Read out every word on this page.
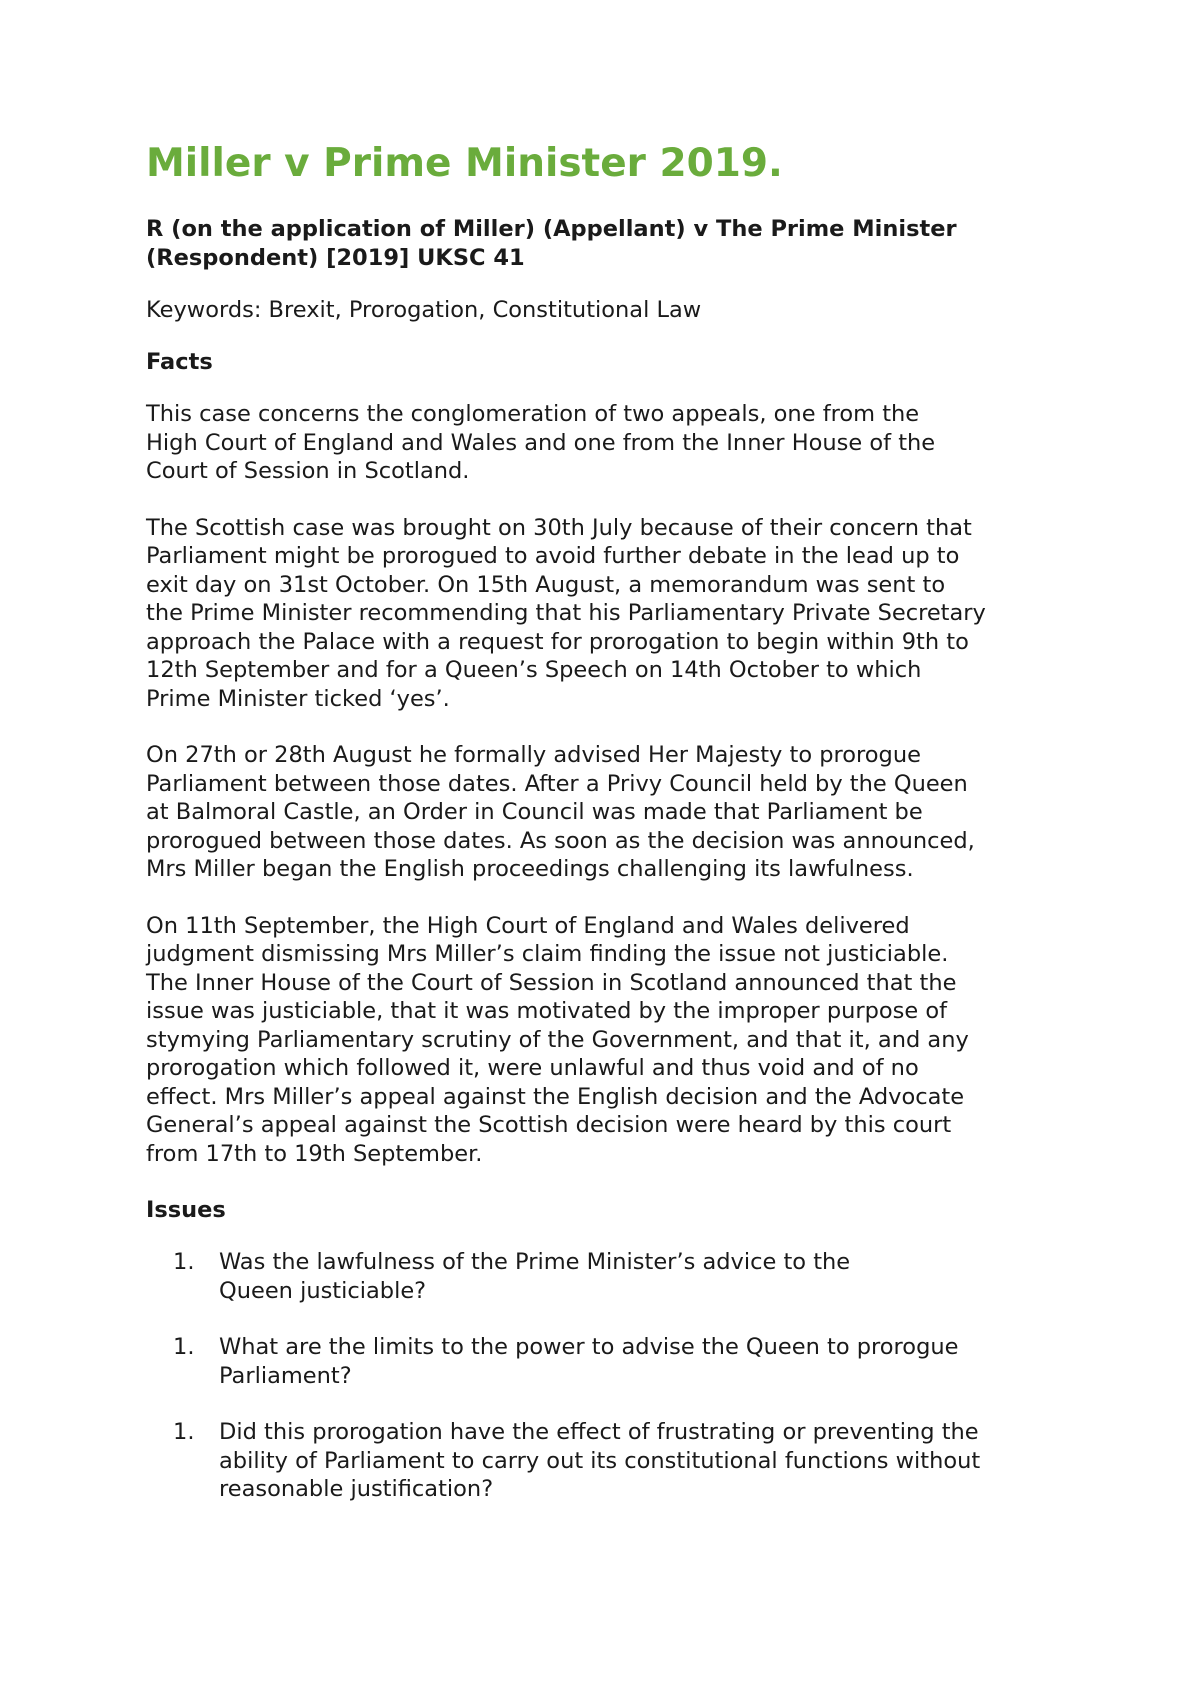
Miller v Prime Minister 2019.

R (on the application of Miller) (Appellant) v The Prime Minister (Respondent) [2019] UKSC 41

Keywords: Brexit, Prorogation, Constitutional Law

Facts

This case concerns the conglomeration of two appeals, one from the High Court of England and Wales and one from the Inner House of the Court of Session in Scotland.

The Scottish case was brought on 30th July because of their concern that Parliament might be prorogued to avoid further debate in the lead up to exit day on 31st October. On 15th August, a memorandum was sent to the Prime Minister recommending that his Parliamentary Private Secretary approach the Palace with a request for prorogation to begin within 9th to 12th September and for a Queen’s Speech on 14th October to which Prime Minister ticked ‘yes’.

On 27th or 28th August he formally advised Her Majesty to prorogue Parliament between those dates. After a Privy Council held by the Queen at Balmoral Castle, an Order in Council was made that Parliament be prorogued between those dates. As soon as the decision was announced, Mrs Miller began the English proceedings challenging its lawfulness.

On 11th September, the High Court of England and Wales delivered judgment dismissing Mrs Miller’s claim finding the issue not justiciable. The Inner House of the Court of Session in Scotland announced that the issue was justiciable, that it was motivated by the improper purpose of stymying Parliamentary scrutiny of the Government, and that it, and any prorogation which followed it, were unlawful and thus void and of no effect. Mrs Miller’s appeal against the English decision and the Advocate General’s appeal against the Scottish decision were heard by this court from 17th to 19th September.

Issues

1.	Was the lawfulness of the Prime Minister’s advice to the Queen justiciable?
1.	What are the limits to the power to advise the Queen to prorogue Parliament?
1.	Did this prorogation have the effect of frustrating or preventing the ability of Parliament to carry out its constitutional functions without reasonable justification?
